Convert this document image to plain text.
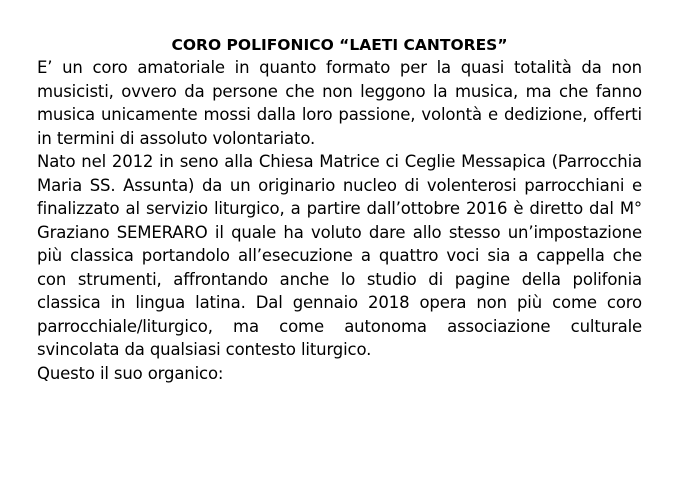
CORO POLIFONICO “LAETI CANTORES”

E’ un coro amatoriale in quanto formato per la quasi totalità da non musicisti, ovvero da persone che non leggono la musica, ma che fanno musica unicamente mossi dalla loro passione, volontà e dedizione, offerti in termini di assoluto volontariato.

Nato nel 2012 in seno alla Chiesa Matrice ci Ceglie Messapica (Parrocchia Maria SS. Assunta) da un originario nucleo di volenterosi parrocchiani e finalizzato al servizio liturgico, a partire dall’ottobre 2016 è diretto dal M° Graziano SEMERARO il quale ha voluto dare allo stesso un’impostazione più classica portandolo all’esecuzione a quattro voci sia a cappella che con strumenti, affrontando anche lo studio di pagine della polifonia classica in lingua latina. Dal gennaio 2018 opera non più come coro parrocchiale/liturgico, ma come autonoma associazione culturale svincolata da qualsiasi contesto liturgico.

Questo il suo organico:
